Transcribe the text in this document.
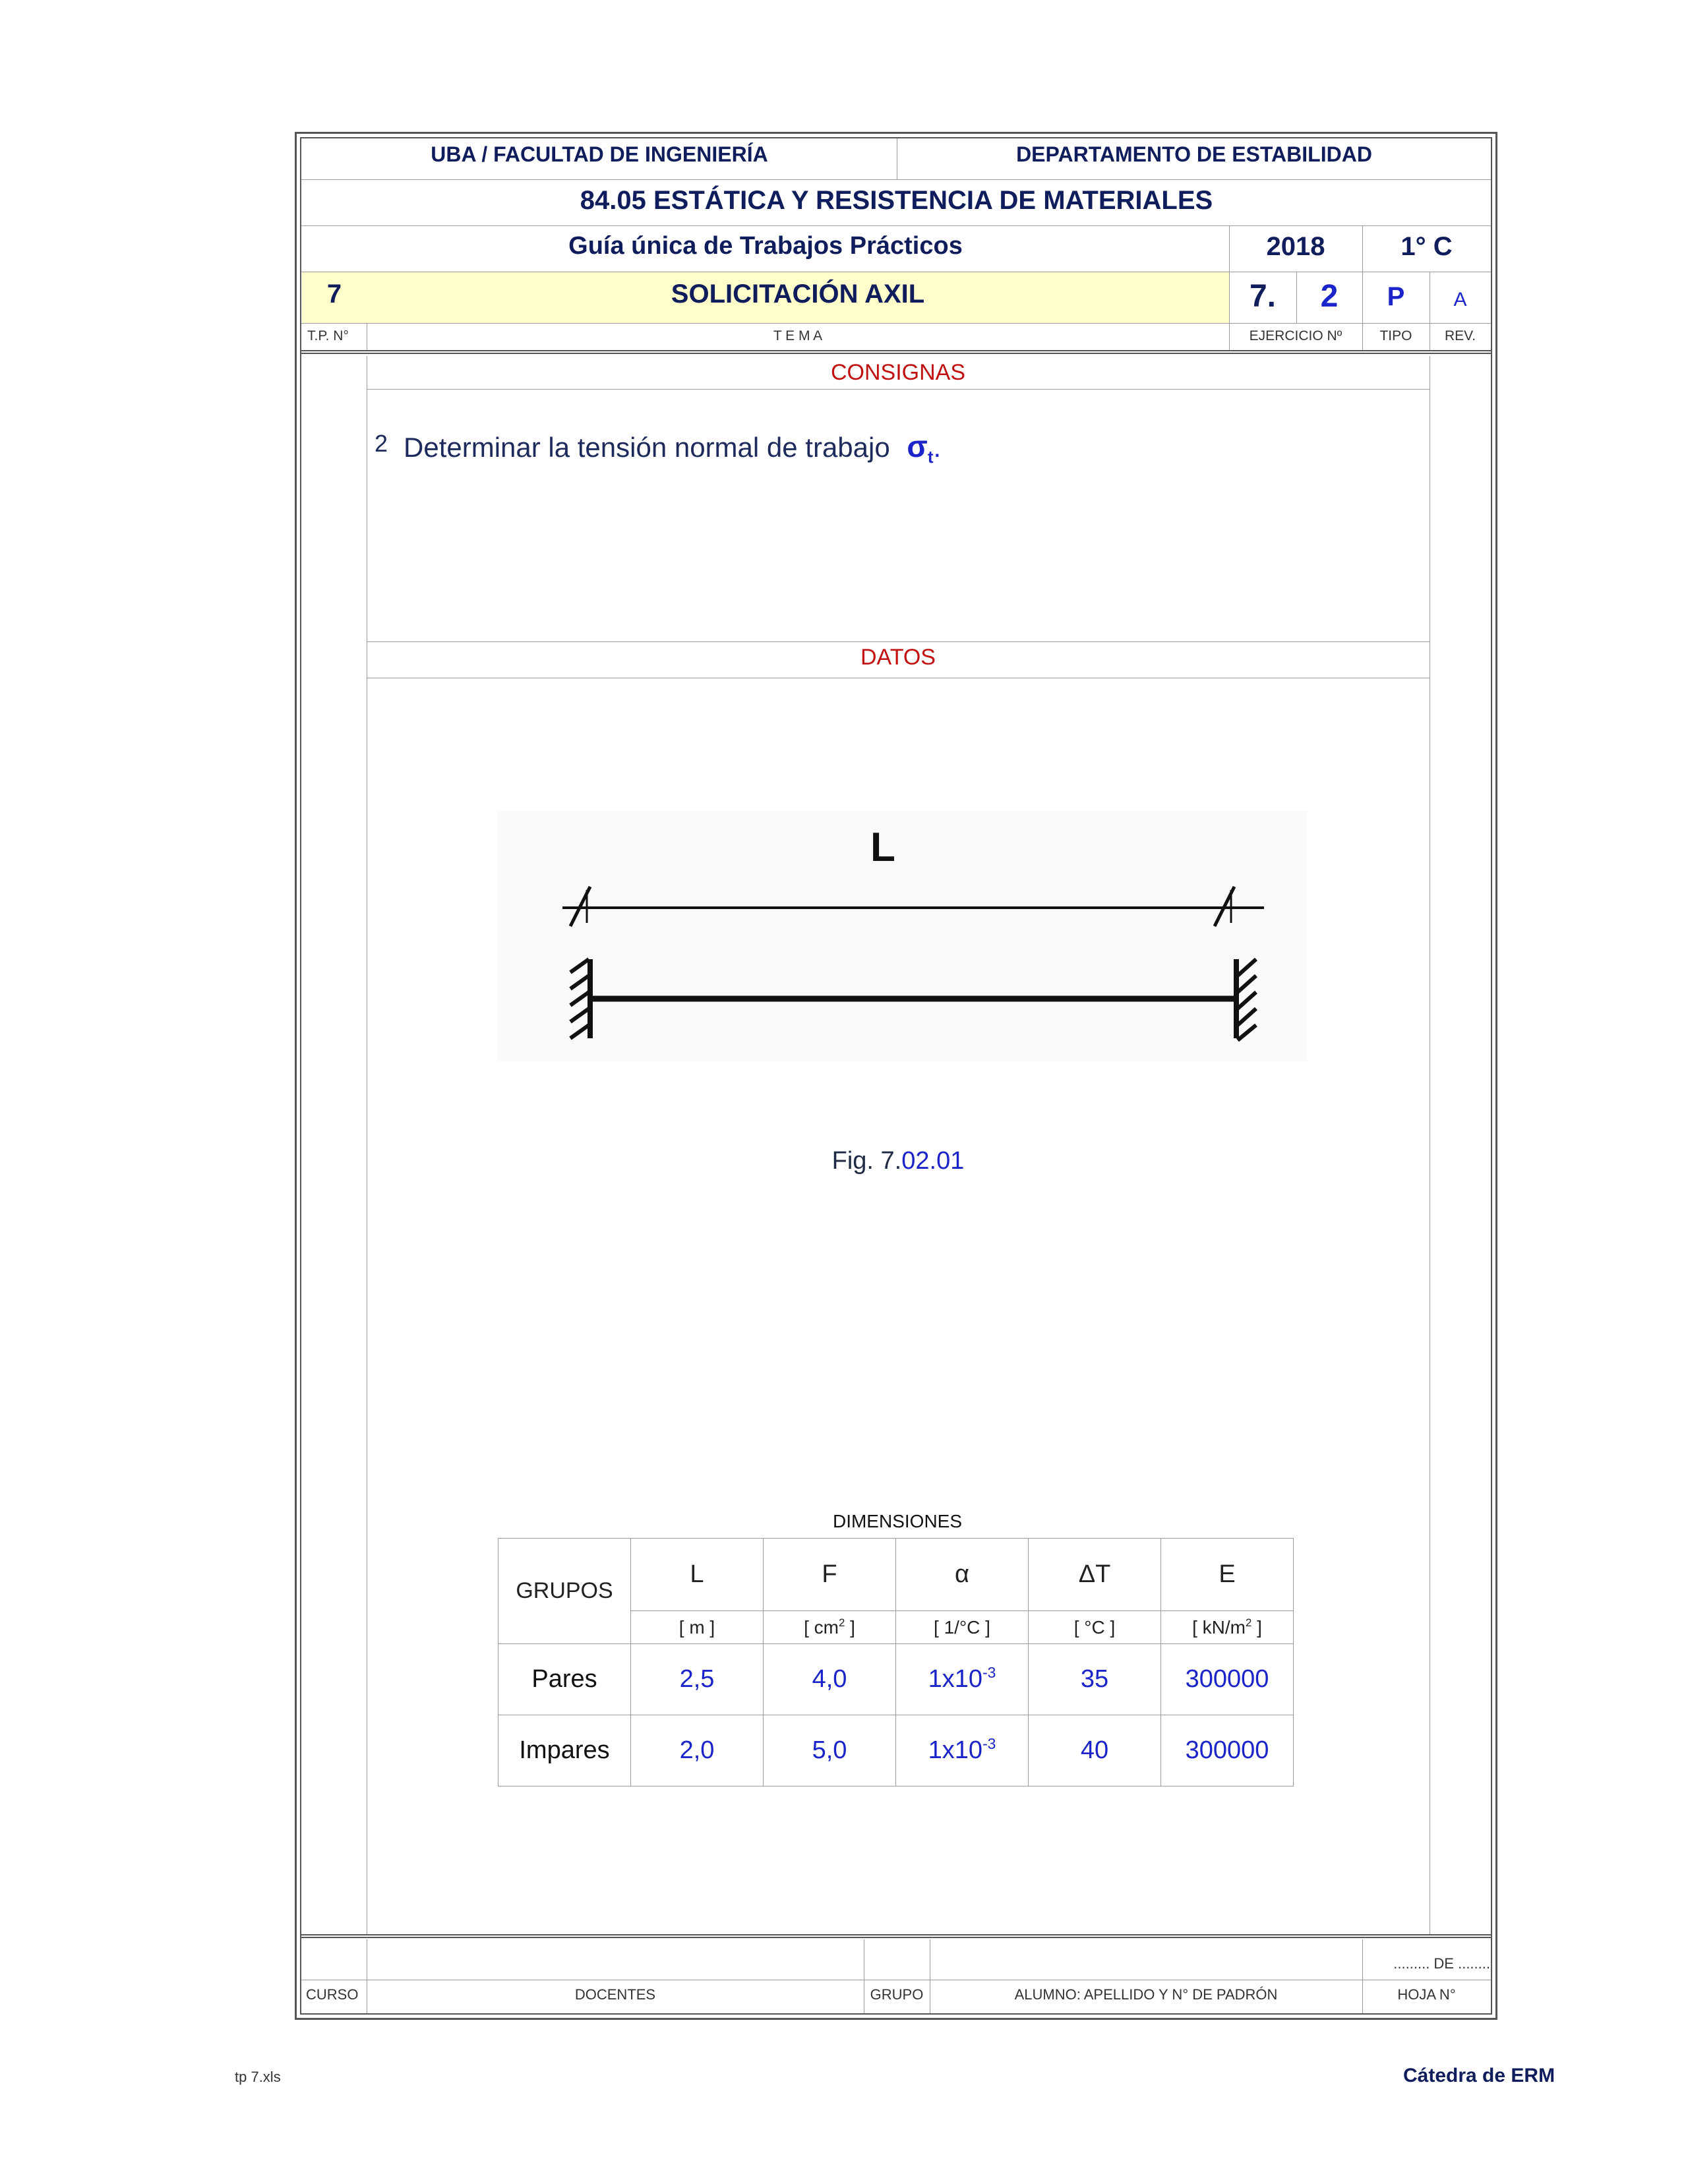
UBA / FACULTAD DE INGENIERÍA	DEPARTAMENTO DE ESTABILIDAD
84.05 ESTÁTICA Y RESISTENCIA DE MATERIALES
Guía única de Trabajos Prácticos	2018	1° C
7	SOLICITACIÓN AXIL	7.	2	P	A
T.P. N°	T E M A	EJERCICIO Nº	TIPO	REV.
CONSIGNAS
2 Determinar la tensión normal de trabajo $\sigma_t$.
DATOS
L
Fig. 7.02.01
DIMENSIONES
GRUPOS	L	F	α	ΔT	E
	[ m ]	[ $cm^2$ ]	[ 1/°C ]	[ °C ]	[ $kN/m^2$ ]
Pares	2,5	4,0	$1x10^{-3}$	35	300000
Impares	2,0	5,0	$1x10^{-3}$	40	300000
......... DE ........
CURSO	DOCENTES	GRUPO	ALUMNO: APELLIDO Y N° DE PADRÓN	HOJA N°
tp 7.xls	Cátedra de ERM
